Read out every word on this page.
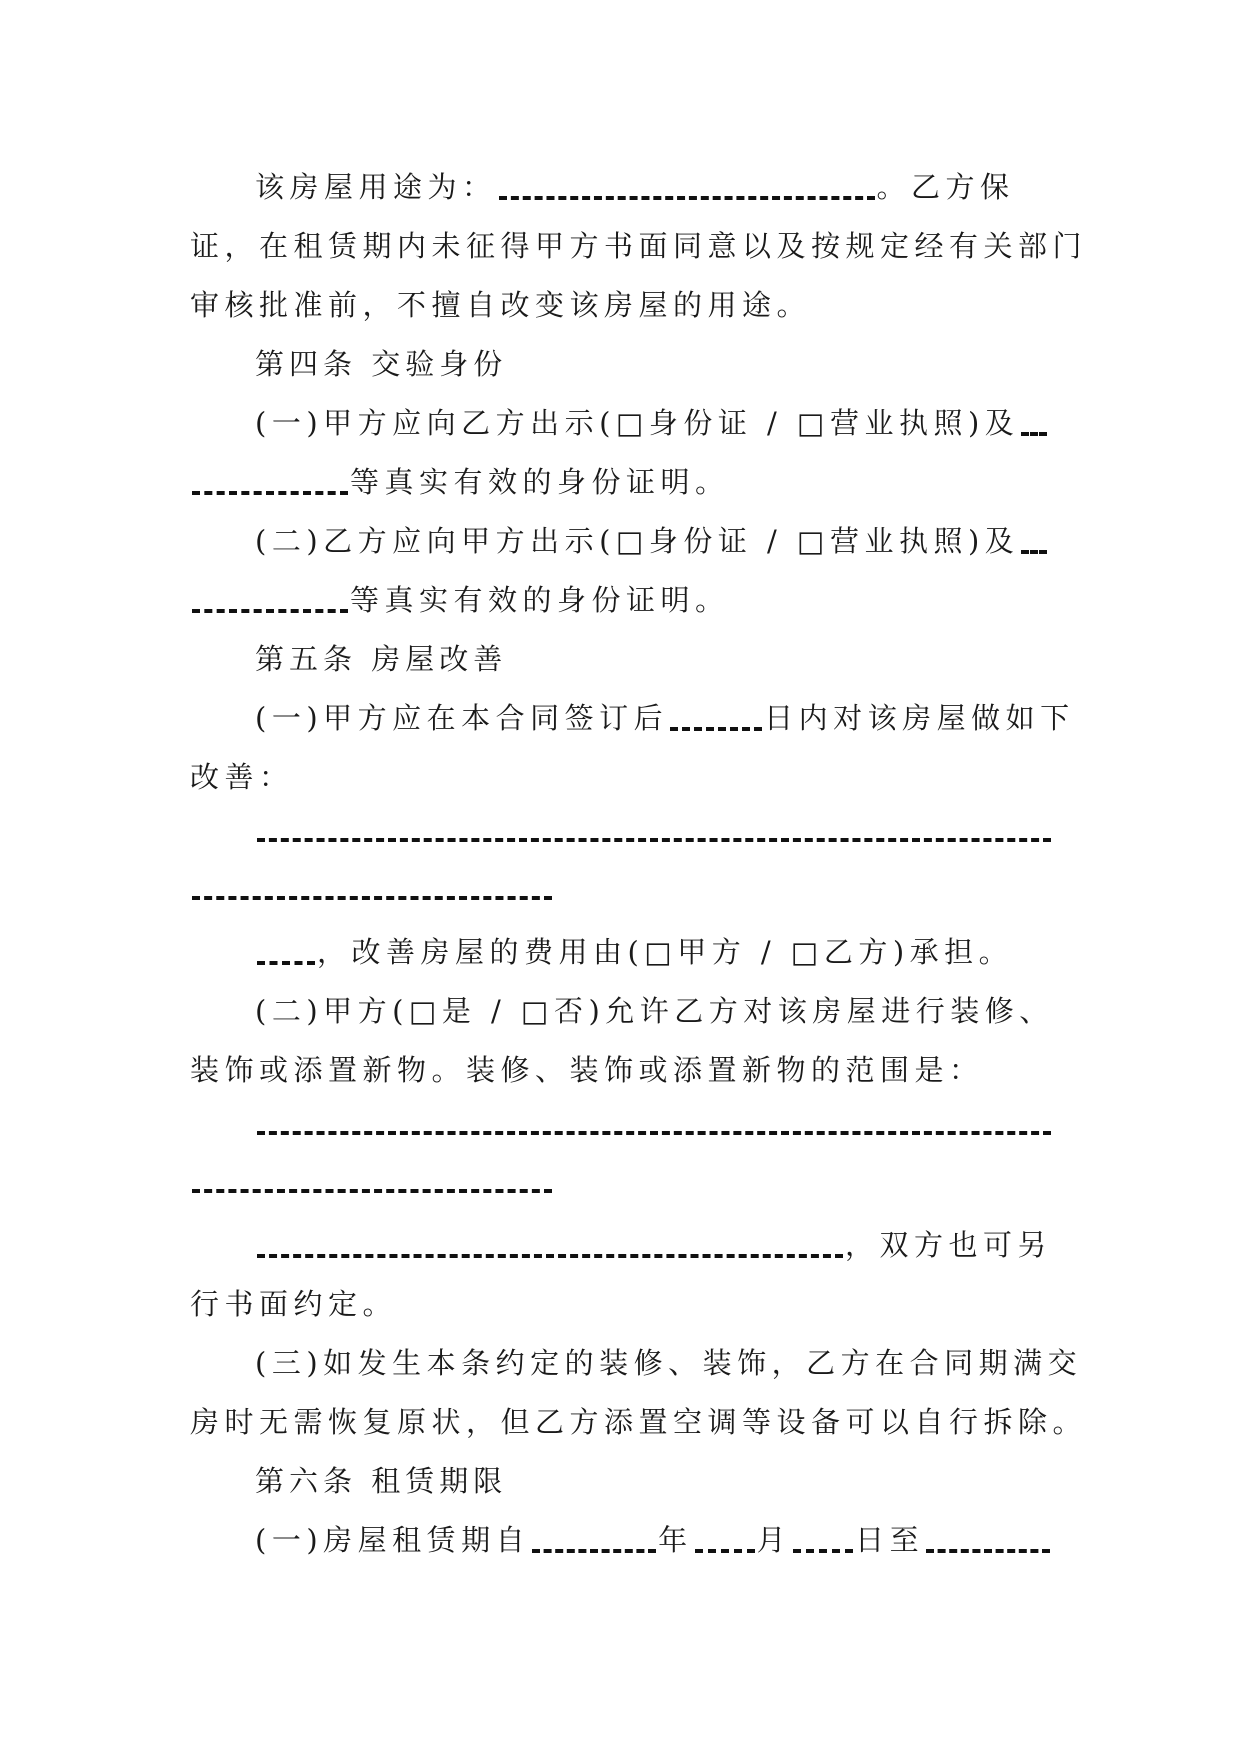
该房屋用途为：	。乙方保
证，在租赁期内未征得甲方书面同意以及按规定经有关部门
审核批准前，不擅自改变该房屋的用途。
第四条 交验身份
(一)甲方应向乙方出示(□身份证 / □营业执照)及
等真实有效的身份证明。
(二)乙方应向甲方出示(□身份证 / □营业执照)及
等真实有效的身份证明。
第五条 房屋改善
(一)甲方应在本合同签订后	日内对该房屋做如下
改善：
，改善房屋的费用由(□甲方 / □乙方)承担。
(二)甲方(□是 / □否)允许乙方对该房屋进行装修、
装饰或添置新物。装修、装饰或添置新物的范围是：
，双方也可另
行书面约定。
(三)如发生本条约定的装修、装饰，乙方在合同期满交
房时无需恢复原状，但乙方添置空调等设备可以自行拆除。
第六条 租赁期限
(一)房屋租赁期自	年 月 日至
